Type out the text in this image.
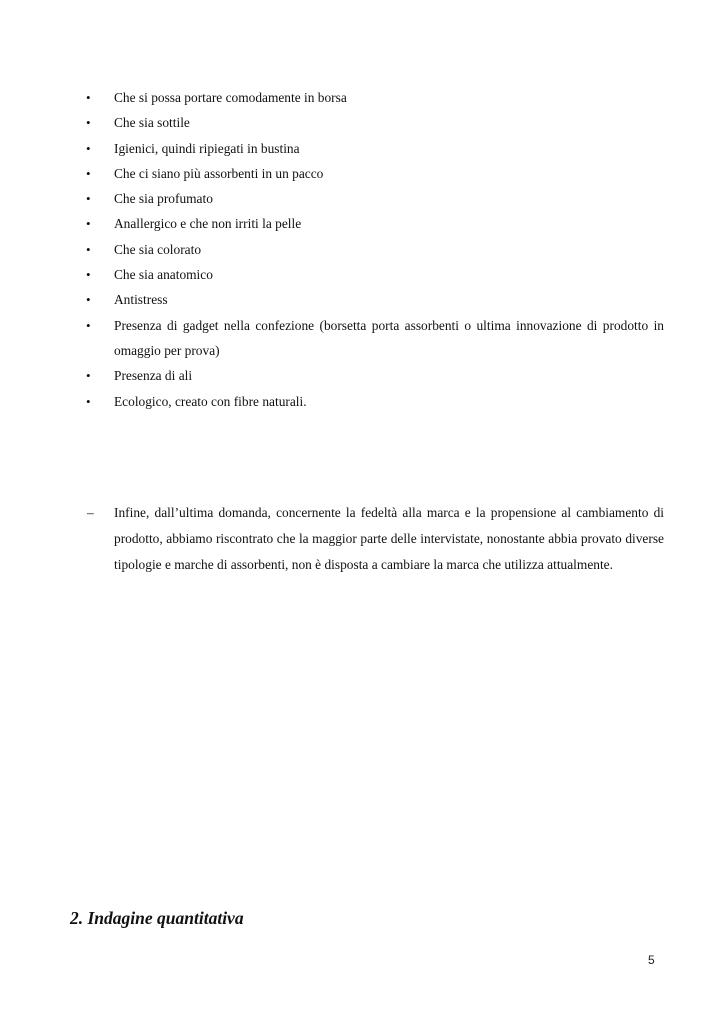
• Che si possa portare comodamente in borsa
• Che sia sottile
• Igienici, quindi ripiegati in bustina
• Che ci siano più assorbenti in un pacco
• Che sia profumato
• Anallergico e che non irriti la pelle
• Che sia colorato
• Che sia anatomico
• Antistress
• Presenza di gadget nella confezione (borsetta porta assorbenti o ultima innovazione di prodotto in omaggio per prova)
• Presenza di ali
• Ecologico, creato con fibre naturali.
– Infine, dall’ultima domanda, concernente la fedeltà alla marca e la propensione al cambiamento di prodotto, abbiamo riscontrato che la maggior parte delle intervistate, nonostante abbia provato diverse tipologie e marche di assorbenti, non è disposta a cambiare la marca che utilizza attualmente.
2. Indagine quantitativa
5
